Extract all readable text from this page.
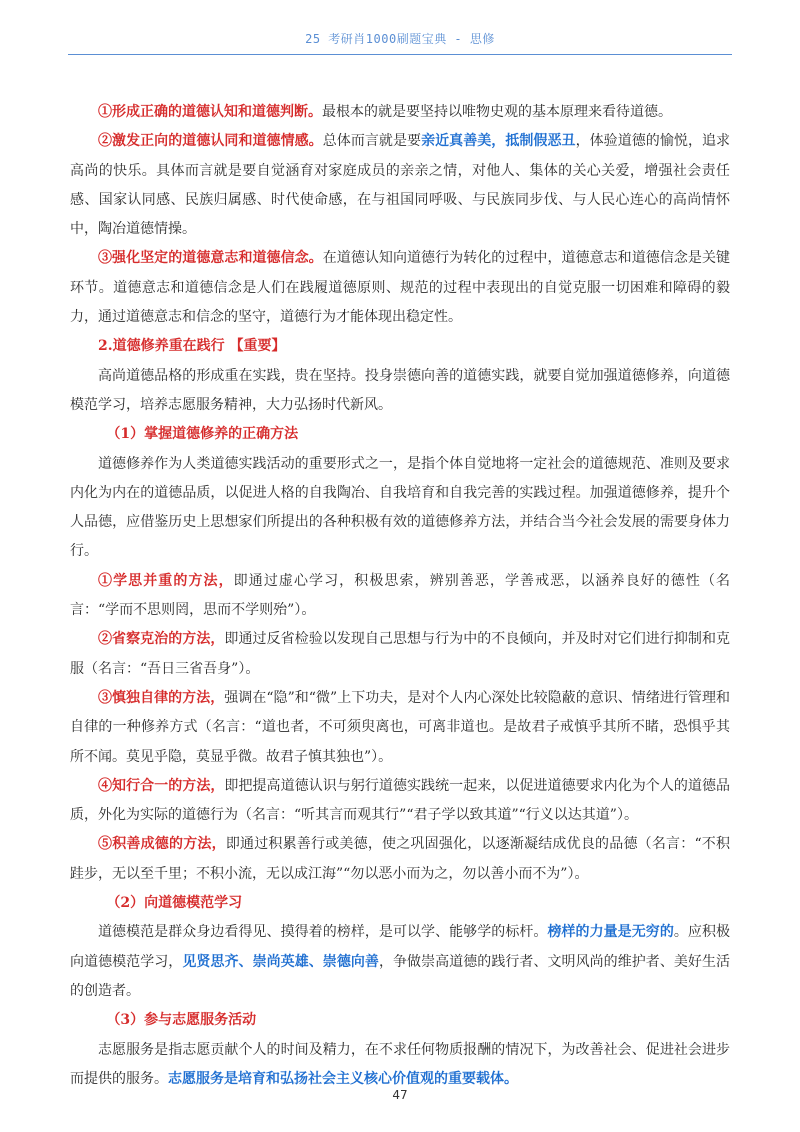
25 考研肖1000刷题宝典 - 思修

①形成正确的道德认知和道德判断。最根本的就是要坚持以唯物史观的基本原理来看待道德。

②激发正向的道德认同和道德情感。总体而言就是要亲近真善美，抵制假恶丑，体验道德的愉悦，追求高尚的快乐。具体而言就是要自觉涵育对家庭成员的亲亲之情，对他人、集体的关心关爱，增强社会责任感、国家认同感、民族归属感、时代使命感，在与祖国同呼吸、与民族同步伐、与人民心连心的高尚情怀中，陶冶道德情操。

③强化坚定的道德意志和道德信念。在道德认知向道德行为转化的过程中，道德意志和道德信念是关键环节。道德意志和道德信念是人们在践履道德原则、规范的过程中表现出的自觉克服一切困难和障碍的毅力，通过道德意志和信念的坚守，道德行为才能体现出稳定性。

2.道德修养重在践行 【重要】

高尚道德品格的形成重在实践，贵在坚持。投身崇德向善的道德实践，就要自觉加强道德修养，向道德模范学习，培养志愿服务精神，大力弘扬时代新风。

（1）掌握道德修养的正确方法

道德修养作为人类道德实践活动的重要形式之一，是指个体自觉地将一定社会的道德规范、准则及要求内化为内在的道德品质，以促进人格的自我陶冶、自我培育和自我完善的实践过程。加强道德修养，提升个人品德，应借鉴历史上思想家们所提出的各种积极有效的道德修养方法，并结合当今社会发展的需要身体力行。

①学思并重的方法，即通过虚心学习，积极思索，辨别善恶，学善戒恶，以涵养良好的德性（名言：“学而不思则罔，思而不学则殆”）。

②省察克治的方法，即通过反省检验以发现自己思想与行为中的不良倾向，并及时对它们进行抑制和克服（名言：“吾日三省吾身”）。

③慎独自律的方法，强调在“隐”和“微”上下功夫，是对个人内心深处比较隐蔽的意识、情绪进行管理和自律的一种修养方式（名言：“道也者，不可须臾离也，可离非道也。是故君子戒慎乎其所不睹，恐惧乎其所不闻。莫见乎隐，莫显乎微。故君子慎其独也”）。

④知行合一的方法，即把提高道德认识与躬行道德实践统一起来，以促进道德要求内化为个人的道德品质，外化为实际的道德行为（名言：“听其言而观其行”“君子学以致其道”“行义以达其道”）。

⑤积善成德的方法，即通过积累善行或美德，使之巩固强化，以逐渐凝结成优良的品德（名言：“不积跬步，无以至千里；不积小流，无以成江海”“勿以恶小而为之，勿以善小而不为”）。

（2）向道德模范学习

道德模范是群众身边看得见、摸得着的榜样，是可以学、能够学的标杆。榜样的力量是无穷的。应积极向道德模范学习，见贤思齐、崇尚英雄、崇德向善，争做崇高道德的践行者、文明风尚的维护者、美好生活的创造者。

（3）参与志愿服务活动

志愿服务是指志愿贡献个人的时间及精力，在不求任何物质报酬的情况下，为改善社会、促进社会进步而提供的服务。志愿服务是培育和弘扬社会主义核心价值观的重要载体。

47
